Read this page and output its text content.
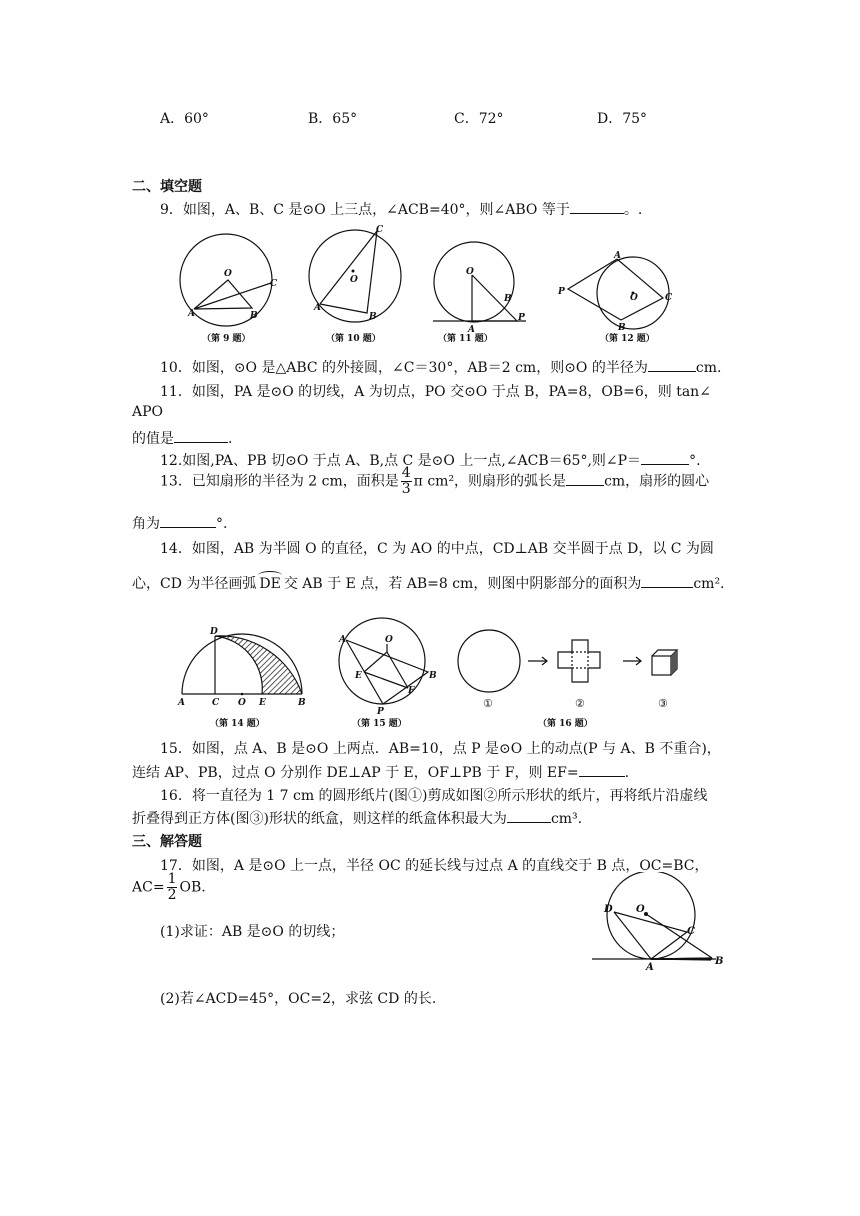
A．60°	B．65°	C．72°	D．75°
二、填空题
9．如图，A、B、C 是⊙O 上三点，∠ACB=40°，则∠ABO 等于	。.
O
A	B
C	O
A
B
C
O
A
B
P
O
A
B
C
P
（第 9 题）	（第 10 题）	（第 11 题）	（第 12 题）
10．如图，⊙O 是△ABC 的外接圆，∠C＝30°，AB＝2 cm，则⊙O 的半径为	cm.
11．如图，PA 是⊙O 的切线，A 为切点，PO 交⊙O 于点 B，PA=8，OB=6，则 tan∠
APO
的值是	.
12.如图,PA、PB 切⊙O 于点 A、B,点 C 是⊙O 上一点,∠ACB＝65°,则∠P＝	°.
13．已知扇形的半径为 2 cm，面积是 $\frac{4}{3}$ π cm²，则扇形的弧长是	cm，扇形的圆心
角为	°.
14．如图，AB 为半圆 O 的直径，C 为 AO 的中点，CD⊥AB 交半圆于点 D，以 C 为圆
心，CD 为半径画弧 DE 交 AB 于 E 点，若 AB=8 cm，则图中阴影部分的面积为	cm².
D
A	C O E	B
A	O
E
F
B
P
①	②	③
（第 14 题）	（第 15 题）	（第 16 题）
15．如图，点 A、B 是⊙O 上两点．AB=10，点 P 是⊙O 上的动点(P 与 A、B 不重合)，
连结 AP、PB，过点 O 分别作 DE⊥AP 于 E，OF⊥PB 于 F，则 EF=	.
16．将一直径为 1 7 cm 的圆形纸片(图①)剪成如图②所示形状的纸片，再将纸片沿虚线
折叠得到正方体(图③)形状的纸盒，则这样的纸盒体积最大为	cm³.
三、解答题
17．如图，A 是⊙O 上一点，半径 OC 的延长线与过点 A 的直线交于 B 点，OC=BC，
$AC= \frac{1}{2}$ OB.
(1)求证：AB 是⊙O 的切线；
D O
C
A
B
(2)若∠ACD=45°，OC=2，求弦 CD 的长.
